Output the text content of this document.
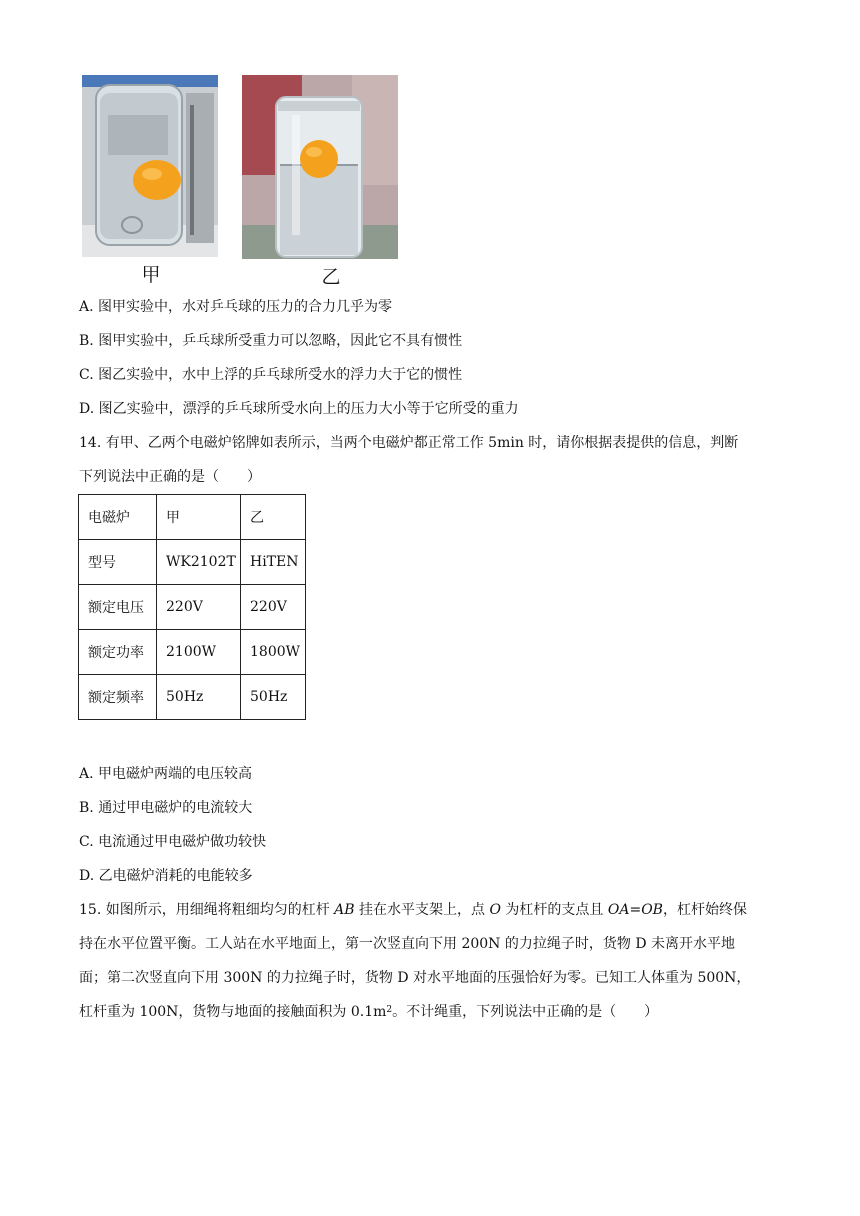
甲	乙
A. 图甲实验中，水对乒乓球的压力的合力几乎为零
B. 图甲实验中，乒乓球所受重力可以忽略，因此它不具有惯性
C. 图乙实验中，水中上浮的乒乓球所受水的浮力大于它的惯性
D. 图乙实验中，漂浮的乒乓球所受水向上的压力大小等于它所受的重力
14. 有甲、乙两个电磁炉铭牌如表所示，当两个电磁炉都正常工作 5min 时，请你根据表提供的信息，判断
下列说法中正确的是（　　）
电磁炉	甲	乙
型号	WK2102T	HiTEN
额定电压	220V	220V
额定功率	2100W	1800W
额定频率	50Hz	50Hz
A. 甲电磁炉两端的电压较高
B. 通过甲电磁炉的电流较大
C. 电流通过甲电磁炉做功较快
D. 乙电磁炉消耗的电能较多
15. 如图所示，用细绳将粗细均匀的杠杆 AB 挂在水平支架上，点 O 为杠杆的支点且 OA=OB，杠杆始终保
持在水平位置平衡。工人站在水平地面上，第一次竖直向下用 200N 的力拉绳子时，货物 D 未离开水平地
面；第二次竖直向下用 300N 的力拉绳子时，货物 D 对水平地面的压强恰好为零。已知工人体重为 500N，
杠杆重为 100N，货物与地面的接触面积为 $0.1m^2$。不计绳重，下列说法中正确的是（　　）
